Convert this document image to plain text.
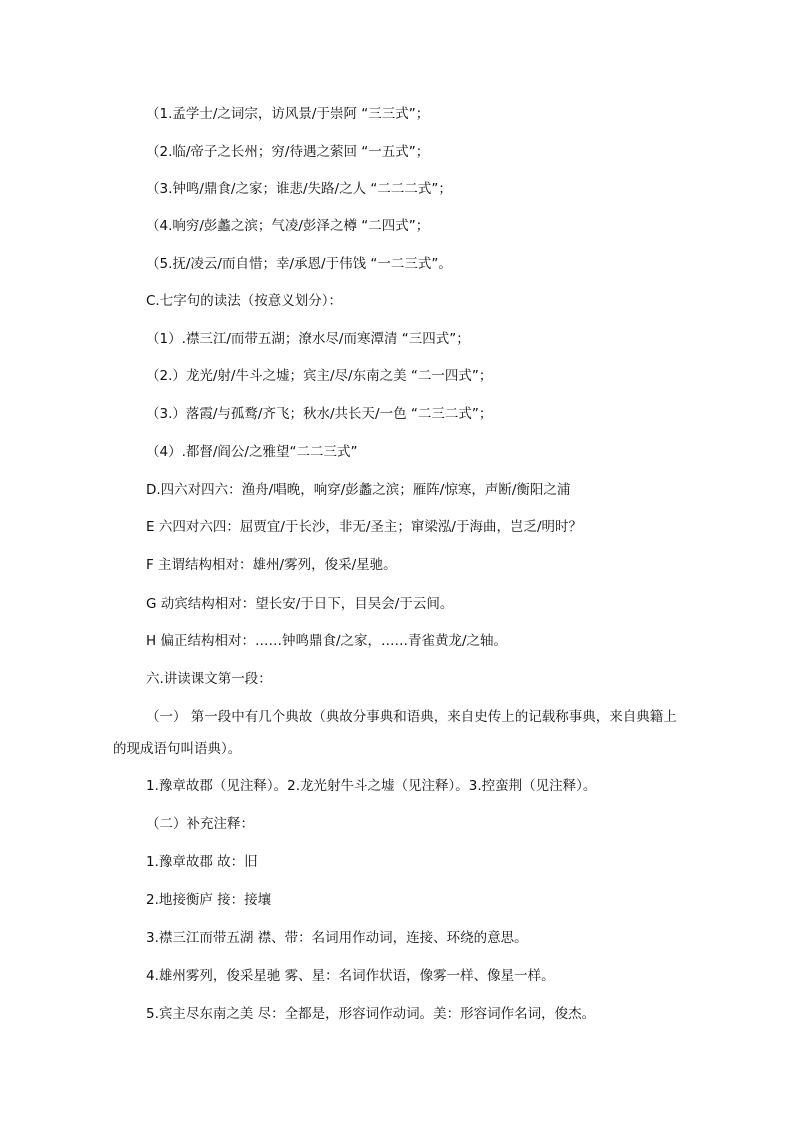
（1.孟学士/之词宗，访风景/于崇阿 “三三式”；
（2.临/帝子之长州；穷/待遇之萦回 “一五式”；
（3.钟鸣/鼎食/之家；谁悲/失路/之人 “二二二式”；
（4.响穷/彭蠡之滨；气凌/彭泽之樽 “二四式”；
（5.抚/凌云/而自惜；幸/承恩/于伟饯 “一二三式”。
C.七字句的读法（按意义划分）：
（1）.襟三江/而带五湖；潦水尽/而寒潭清 “三四式”；
（2.）龙光/射/牛斗之墟；宾主/尽/东南之美 “二一四式”；
（3.）落霞/与孤鹜/齐飞；秋水/共长天/一色 “二三二式”；
（4）.都督/阎公/之雅望“二二三式”
D.四六对四六：渔舟/唱晚，响穿/彭蠡之滨；雁阵/惊寒，声断/衡阳之浦
E 六四对六四：屈贾宜/于长沙，非无/圣主；窜梁泓/于海曲，岂乏/明时？
F 主谓结构相对：雄州/雾列，俊采/星驰。
G 动宾结构相对：望长安/于日下，目吴会/于云间。
H 偏正结构相对：……钟鸣鼎食/之家，……青雀黄龙/之轴。
六.讲读课文第一段：
（一） 第一段中有几个典故（典故分事典和语典，来自史传上的记载称事典，来自典籍上的现成语句叫语典）。
1.豫章故郡（见注释）。2.龙光射牛斗之墟（见注释）。3.控蛮荆（见注释）。
（二）补充注释：
1.豫章故郡 故：旧
2.地接衡庐 接：接壤
3.襟三江而带五湖 襟、带：名词用作动词，连接、环绕的意思。
4.雄州雾列，俊采星驰 雾、星：名词作状语，像雾一样、像星一样。
5.宾主尽东南之美 尽：全都是，形容词作动词。美：形容词作名词，俊杰。
